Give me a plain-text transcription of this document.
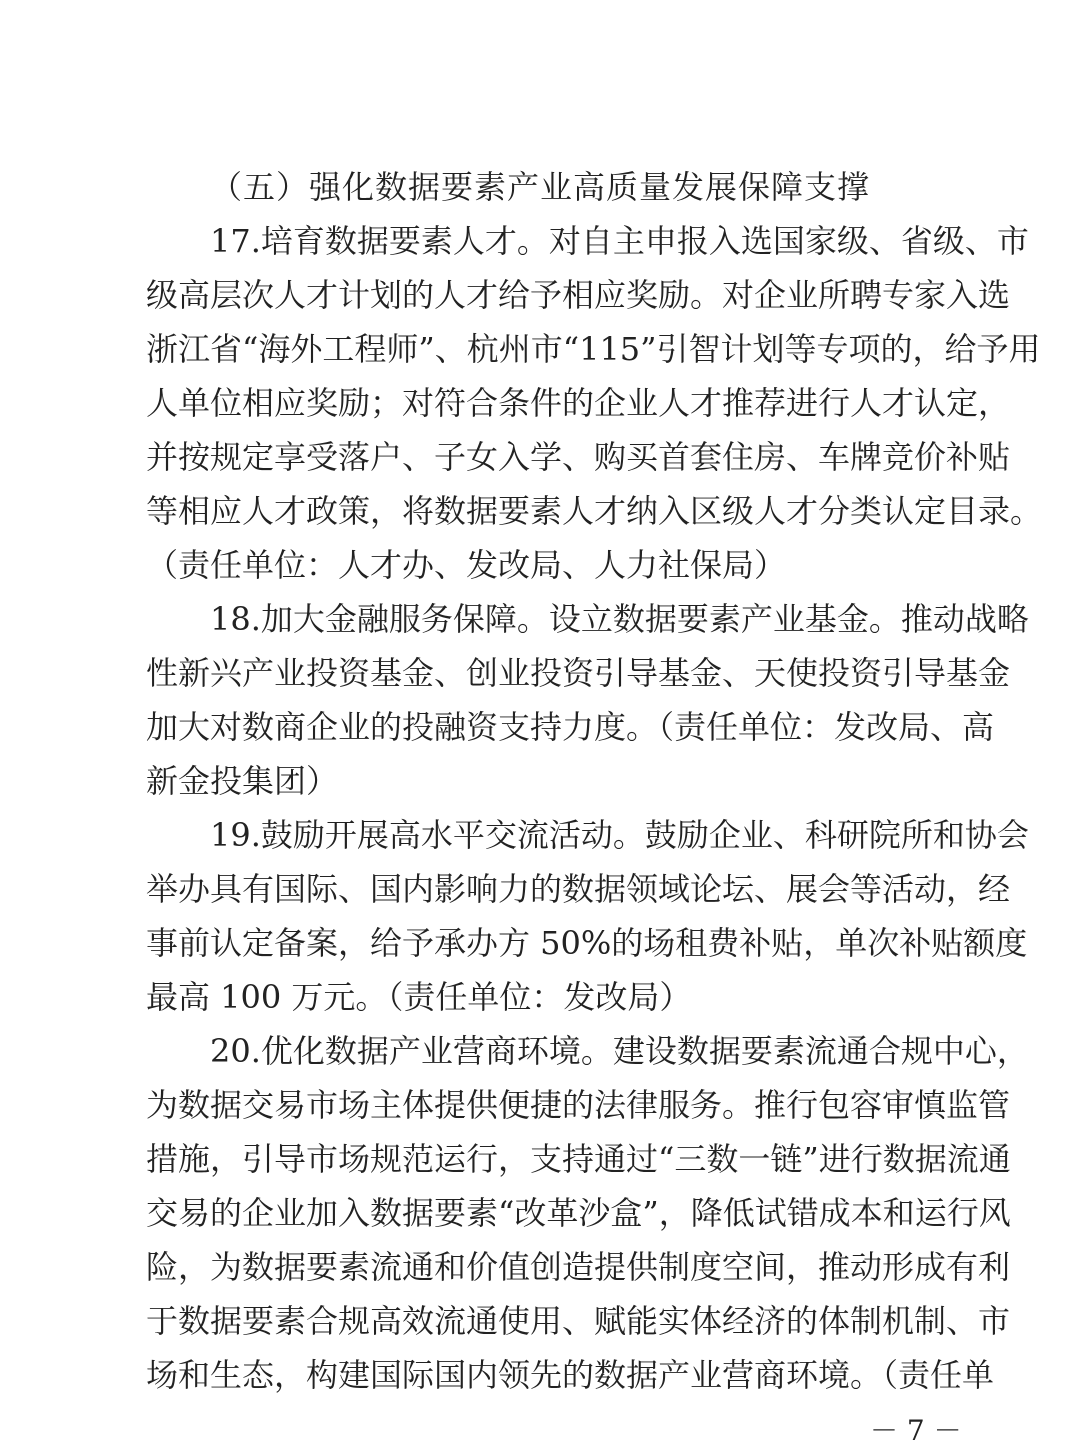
（五）强化数据要素产业高质量发展保障支撑
17.培育数据要素人才。对自主申报入选国家级、省级、市
级高层次人才计划的人才给予相应奖励。对企业所聘专家入选
浙江省“海外工程师”、杭州市“115”引智计划等专项的，给予用
人单位相应奖励；对符合条件的企业人才推荐进行人才认定，
并按规定享受落户、子女入学、购买首套住房、车牌竞价补贴
等相应人才政策，将数据要素人才纳入区级人才分类认定目录。
（责任单位：人才办、发改局、人力社保局）
18.加大金融服务保障。设立数据要素产业基金。推动战略
性新兴产业投资基金、创业投资引导基金、天使投资引导基金
加大对数商企业的投融资支持力度。（责任单位：发改局、高
新金投集团）
19.鼓励开展高水平交流活动。鼓励企业、科研院所和协会
举办具有国际、国内影响力的数据领域论坛、展会等活动，经
事前认定备案，给予承办方 50%的场租费补贴，单次补贴额度
最高 100 万元。（责任单位：发改局）
20.优化数据产业营商环境。建设数据要素流通合规中心，
为数据交易市场主体提供便捷的法律服务。推行包容审慎监管
措施，引导市场规范运行，支持通过“三数一链”进行数据流通
交易的企业加入数据要素“改革沙盒”，降低试错成本和运行风
险，为数据要素流通和价值创造提供制度空间，推动形成有利
于数据要素合规高效流通使用、赋能实体经济的体制机制、市
场和生态，构建国际国内领先的数据产业营商环境。（责任单
－ 7 －
